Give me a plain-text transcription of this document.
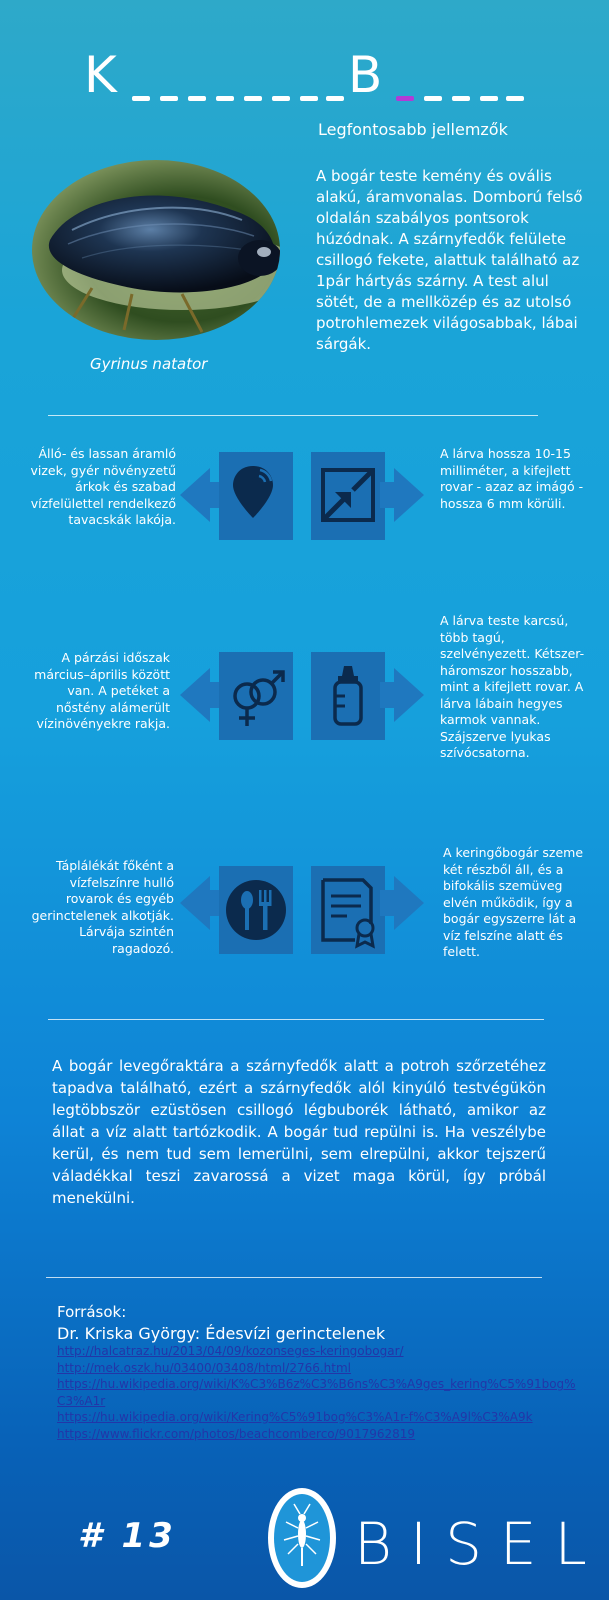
K	B
Legfontosabb jellemzők
Gyrinus natator
A bogár teste kemény és ovális alakú, áramvonalas. Domború felső oldalán szabályos pontsorok húzódnak. A szárnyfedők felülete csillogó fekete, alattuk található az 1pár hártyás szárny. A test alul sötét, de a mellközép és az utolsó potrohlemezek világosabbak, lábai sárgák.
Álló- és lassan áramló vizek, gyér növényzetű árkok és szabad vízfelülettel rendelkező tavacskák lakója.
A lárva hossza 10-15 milliméter, a kifejlett rovar - azaz az imágó - hossza 6 mm körüli.
A párzási időszak március–április között van. A petéket a nőstény alámerült vízinövényekre rakja.
A lárva teste karcsú, több tagú, szelvényezett. Kétszer-háromszor hosszabb, mint a kifejlett rovar. A lárva lábain hegyes karmok vannak. Szájszerve lyukas szívócsatorna.
Táplálékát főként a vízfelszínre hulló rovarok és egyéb gerinctelenek alkotják. Lárvája szintén ragadozó.
A keringőbogár szeme két részből áll, és a bifokális szemüveg elvén működik, így a bogár egyszerre lát a víz felszíne alatt és felett.
A bogár levegőraktára a szárnyfedők alatt a potroh szőrzetéhez tapadva található, ezért a szárnyfedők alól kinyúló testvégükön legtöbbször ezüstösen csillogó légbuborék látható, amikor az állat a víz alatt tartózkodik. A bogár tud repülni is. Ha veszélybe kerül, és nem tud sem lemerülni, sem elrepülni, akkor tejszerű váladékkal teszi zavarossá a vizet maga körül, így próbál menekülni.
Források:
Dr. Kriska György: Édesvízi gerinctelenek
http://halcatraz.hu/2013/04/09/kozonseges-keringobogar/
http://mek.oszk.hu/03400/03408/html/2766.html
https://hu.wikipedia.org/wiki/K%C3%B6z%C3%B6ns%C3%A9ges_kering%C5%91bog%C3%A1r
https://hu.wikipedia.org/wiki/Kering%C5%91bog%C3%A1r-f%C3%A9l%C3%A9k
https://www.flickr.com/photos/beachcomberco/9017962819
# 13	BISEL
